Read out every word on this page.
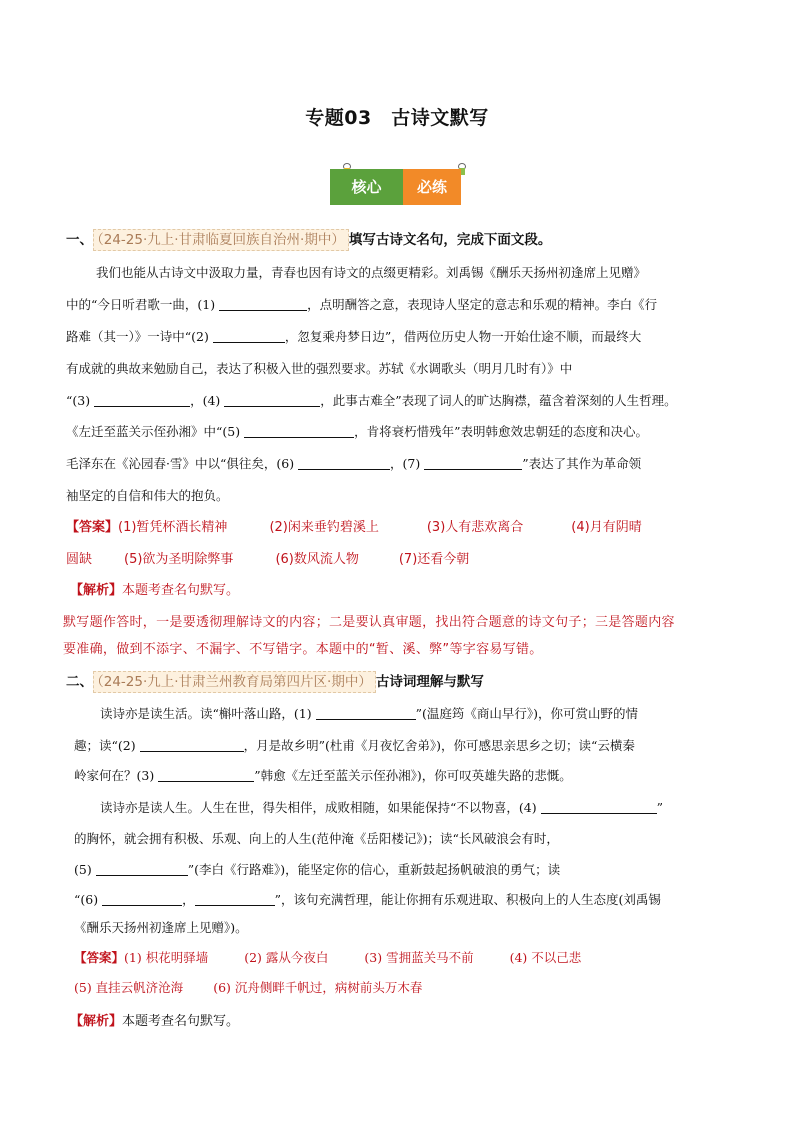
专题03　古诗文默写
核心	必练
一、 （24-25·九上·甘肃临夏回族自治州·期中） 填写古诗文名句，完成下面文段。
我们也能从古诗文中汲取力量，青春也因有诗文的点缀更精彩。刘禹锡《酬乐天扬州初逢席上见赠》
中的“今日听君歌一曲，(1)	，点明酬答之意，表现诗人坚定的意志和乐观的精神。李白《行
路难（其一）》一诗中“(2)	，忽复乘舟梦日边”，借两位历史人物一开始仕途不顺，而最终大
有成就的典故来勉励自己，表达了积极入世的强烈要求。苏轼《水调歌头（明月几时有）》中
“(3)	，(4)	，此事古难全”表现了词人的旷达胸襟，蕴含着深刻的人生哲理。
《左迁至蓝关示侄孙湘》中“(5)	，肯将衰朽惜残年”表明韩愈效忠朝廷的态度和决心。
毛泽东在《沁园春·雪》中以“俱往矣，(6)	，(7)	”表达了其作为革命领
袖坚定的自信和伟大的抱负。
【答案】(1)暂凭杯酒长精神	(2)闲来垂钓碧溪上	(3)人有悲欢离合	(4)月有阴晴
圆缺 (5)欲为圣明除弊事	(6)数风流人物	(7)还看今朝
【解析】本题考查名句默写。
默写题作答时，一是要透彻理解诗文的内容；二是要认真审题，找出符合题意的诗文句子；三是答题内容
要准确，做到不添字、不漏字、不写错字。本题中的“暂、溪、弊”等字容易写错。
二、 （24-25·九上·甘肃兰州教育局第四片区·期中） 古诗词理解与默写
读诗亦是读生活。读“槲叶落山路，(1)	”(温庭筠《商山早行》)，你可赏山野的情
趣；读“(2)	，月是故乡明”(杜甫《月夜忆舍弟》)，你可感思亲思乡之切；读“云横秦
岭家何在？(3)	”韩愈《左迁至蓝关示侄孙湘》)，你可叹英雄失路的悲慨。
读诗亦是读人生。人生在世，得失相伴，成败相随，如果能保持“不以物喜，(4)	”
的胸怀，就会拥有积极、乐观、向上的人生(范仲淹《岳阳楼记》)；读“长风破浪会有时，
(5)	”(李白《行路难》)，能坚定你的信心，重新鼓起扬帆破浪的勇气；读
“(6)	，	”，该句充满哲理，能让你拥有乐观进取、积极向上的人生态度(刘禹锡
《酬乐天扬州初逢席上见赠》)。
【答案】(1) 枳花明驿墙	(2) 露从今夜白	(3) 雪拥蓝关马不前	(4) 不以己悲
(5) 直挂云帆济沧海 (6) 沉舟侧畔千帆过，病树前头万木春
【解析】本题考查名句默写。
